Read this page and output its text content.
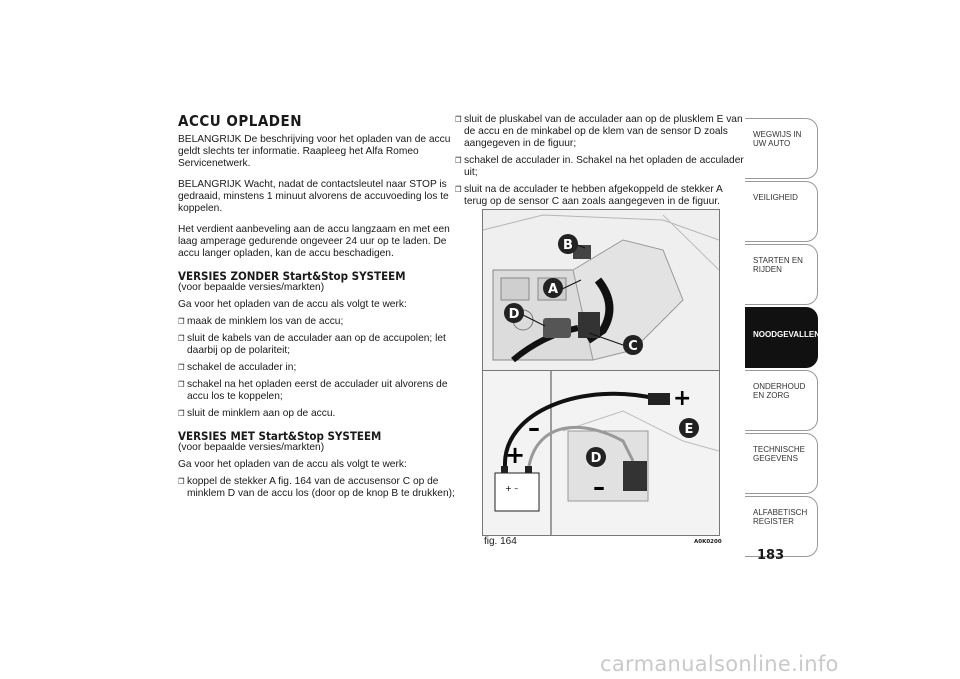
ACCU OPLADEN

BELANGRIJK De beschrijving voor het opladen van de accu geldt slechts ter informatie. Raapleeg het Alfa Romeo Servicenetwerk.

BELANGRIJK Wacht, nadat de contactsleutel naar STOP is gedraaid, minstens 1 minuut alvorens de accuvoeding los te koppelen.

Het verdient aanbeveling aan de accu langzaam en met een laag amperage gedurende ongeveer 24 uur op te laden. De accu langer opladen, kan de accu beschadigen.

VERSIES ZONDER Start&Stop SYSTEEM

(voor bepaalde versies/markten)

Ga voor het opladen van de accu als volgt te werk:

❒ maak de minklem los van de accu;
❒ sluit de kabels van de acculader aan op de accupolen; let daarbij op de polariteit;
❒ schakel de acculader in;
❒ schakel na het opladen eerst de acculader uit alvorens de accu los te koppelen;
❒ sluit de minklem aan op de accu.
VERSIES MET Start&Stop SYSTEEM

(voor bepaalde versies/markten)

Ga voor het opladen van de accu als volgt te werk:

❒ koppel de stekker A fig. 164 van de accusensor C op de minklem D van de accu los (door op de knop B te drukken);
❒ sluit de pluskabel van de acculader aan op de plusklem E van de accu en de minkabel op de klem van de sensor D zoals aangegeven in de figuur;
❒ schakel de acculader in. Schakel na het opladen de acculader uit;
❒ sluit na de acculader te hebben afgekoppeld de stekker A terug op de sensor C aan zoals aangegeven in de figuur.
B
A
D
C
+ –
E
D
+
+
–
–
fig. 164	A0K0200
WEGWIJS IN UW AUTO
VEILIGHEID
STARTEN EN RIJDEN
NOODGEVALLEN
ONDERHOUD EN ZORG
TECHNISCHE GEGEVENS
ALFABETISCH REGISTER
183
carmanualsonline.info
